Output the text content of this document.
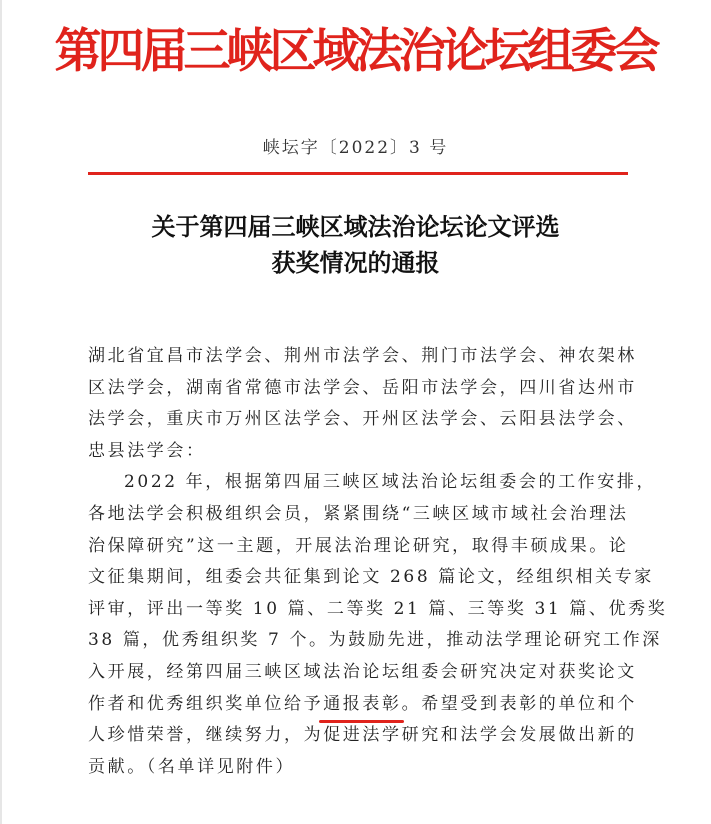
第四届三峡区域法治论坛组委会
峡坛字〔2022〕3 号
关于第四届三峡区域法治论坛论文评选
获奖情况的通报
湖北省宜昌市法学会、荆州市法学会、荆门市法学会、神农架林
区法学会，湖南省常德市法学会、岳阳市法学会，四川省达州市
法学会，重庆市万州区法学会、开州区法学会、云阳县法学会、
忠县法学会：
2022 年，根据第四届三峡区域法治论坛组委会的工作安排，
各地法学会积极组织会员，紧紧围绕“三峡区域市域社会治理法
治保障研究”这一主题，开展法治理论研究，取得丰硕成果。论
文征集期间，组委会共征集到论文 268 篇论文，经组织相关专家
评审，评出一等奖 10 篇、二等奖 21 篇、三等奖 31 篇、优秀奖
38 篇，优秀组织奖 7 个。为鼓励先进，推动法学理论研究工作深
入开展，经第四届三峡区域法治论坛组委会研究决定对获奖论文
作者和优秀组织奖单位给予通报表彰。希望受到表彰的单位和个
人珍惜荣誉，继续努力，为促进法学研究和法学会发展做出新的
贡献。（名单详见附件）
